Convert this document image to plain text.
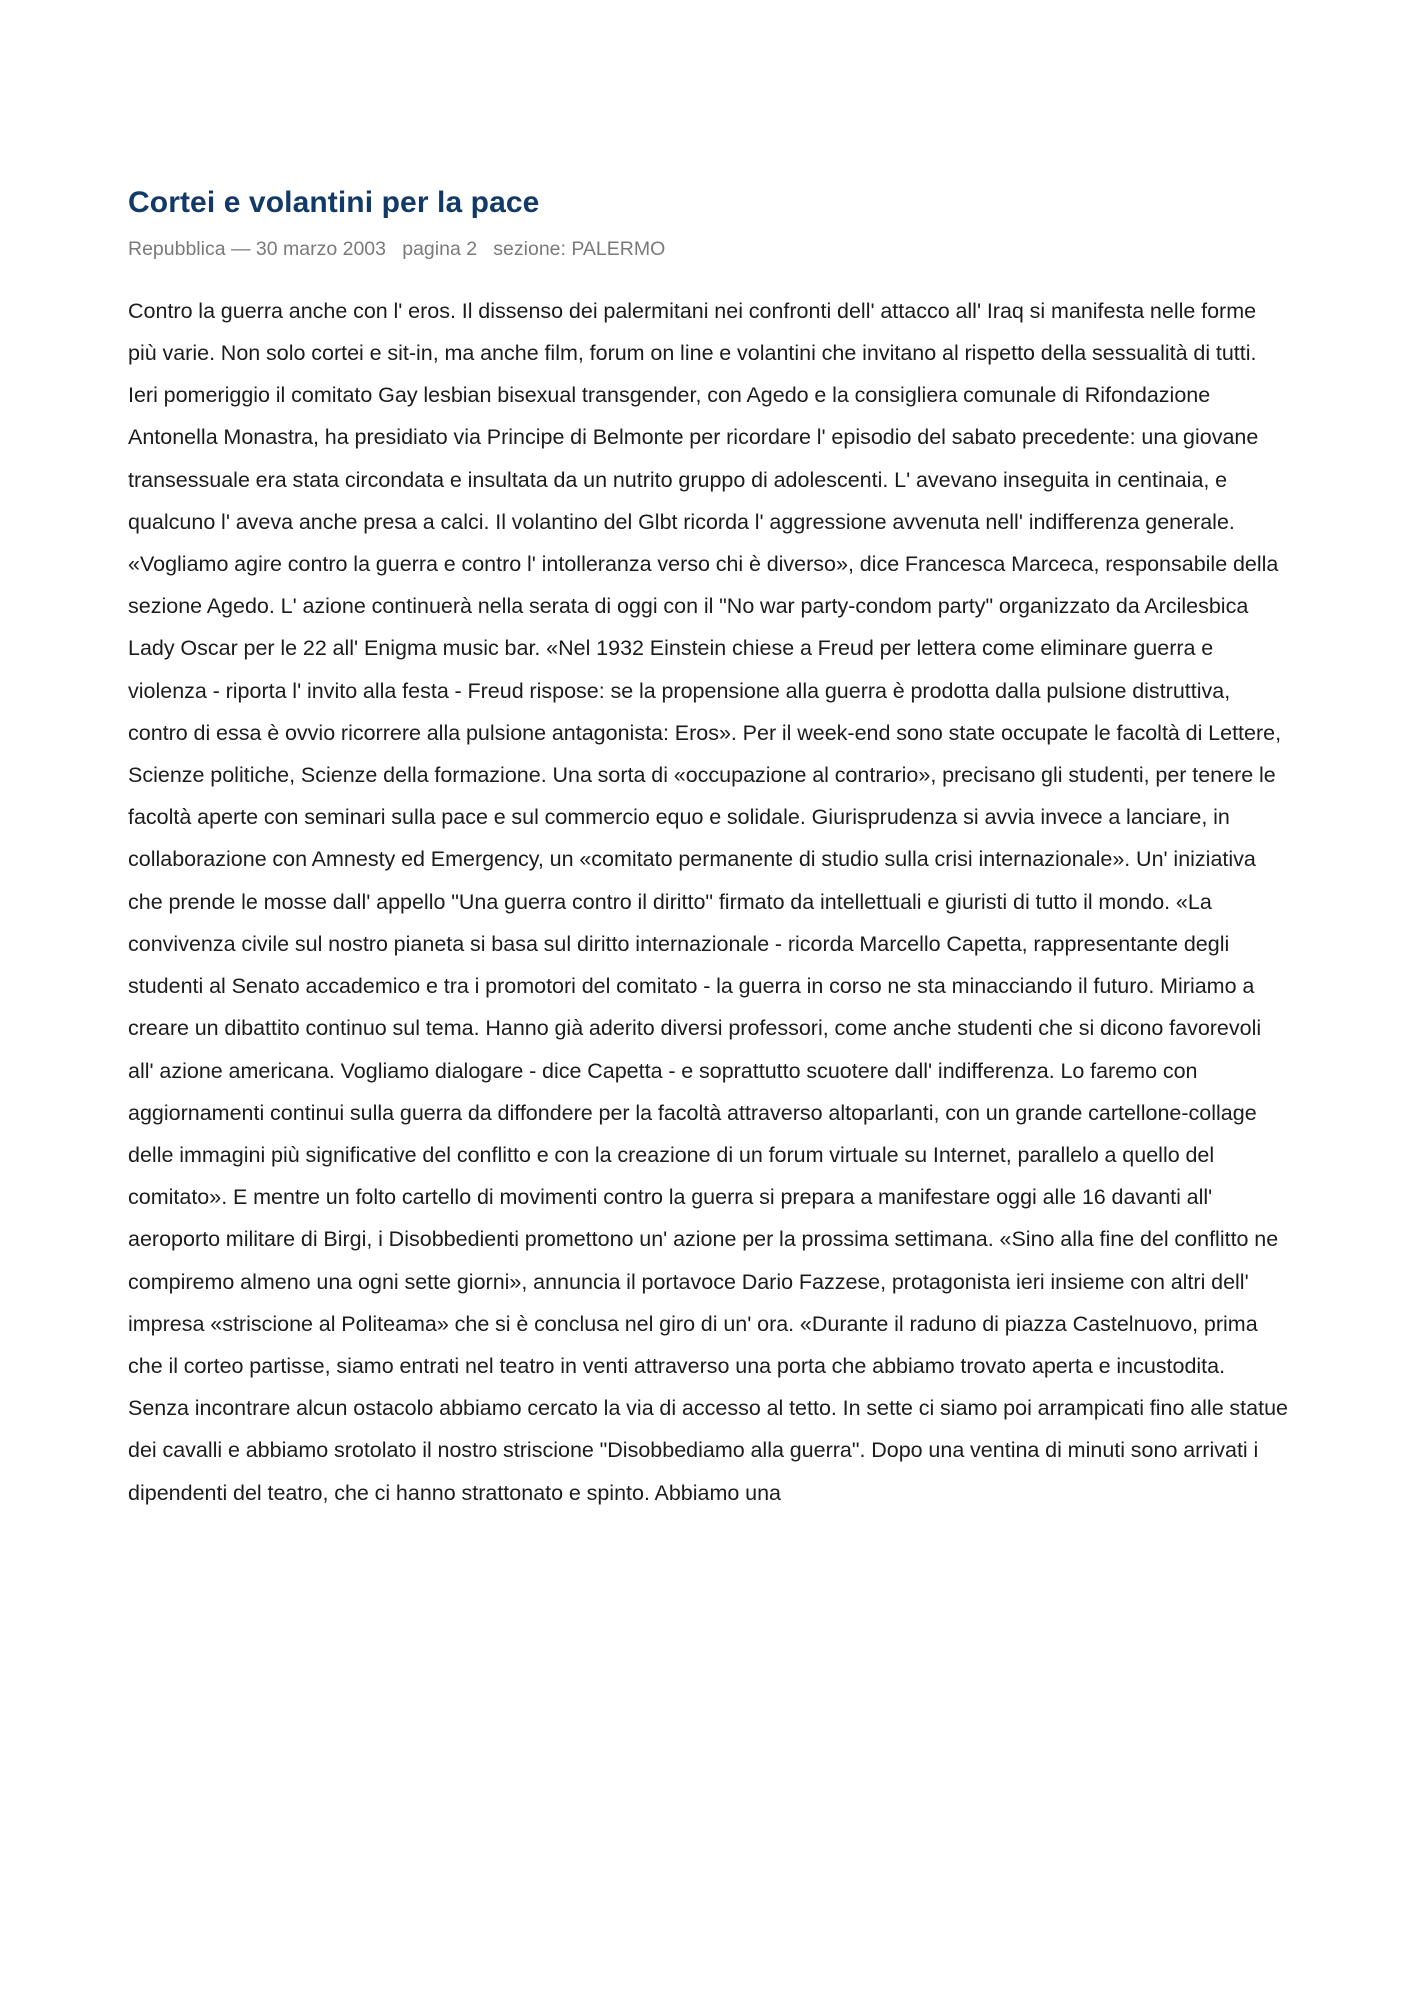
Cortei e volantini per la pace
Repubblica — 30 marzo 2003   pagina 2   sezione: PALERMO

Contro la guerra anche con l' eros. Il dissenso dei palermitani nei confronti dell' attacco all' Iraq si manifesta nelle forme più varie. Non solo cortei e sit-in, ma anche film, forum on line e volantini che invitano al rispetto della sessualità di tutti. Ieri pomeriggio il comitato Gay lesbian bisexual transgender, con Agedo e la consigliera comunale di Rifondazione Antonella Monastra, ha presidiato via Principe di Belmonte per ricordare l' episodio del sabato precedente: una giovane transessuale era stata circondata e insultata da un nutrito gruppo di adolescenti. L' avevano inseguita in centinaia, e qualcuno l' aveva anche presa a calci. Il volantino del Glbt ricorda l' aggressione avvenuta nell' indifferenza generale. «Vogliamo agire contro la guerra e contro l' intolleranza verso chi è diverso», dice Francesca Marceca, responsabile della sezione Agedo. L' azione continuerà nella serata di oggi con il "No war party-condom party" organizzato da Arcilesbica Lady Oscar per le 22 all' Enigma music bar. «Nel 1932 Einstein chiese a Freud per lettera come eliminare guerra e violenza - riporta l' invito alla festa - Freud rispose: se la propensione alla guerra è prodotta dalla pulsione distruttiva, contro di essa è ovvio ricorrere alla pulsione antagonista: Eros». Per il week-end sono state occupate le facoltà di Lettere, Scienze politiche, Scienze della formazione. Una sorta di «occupazione al contrario», precisano gli studenti, per tenere le facoltà aperte con seminari sulla pace e sul commercio equo e solidale. Giurisprudenza si avvia invece a lanciare, in collaborazione con Amnesty ed Emergency, un «comitato permanente di studio sulla crisi internazionale». Un' iniziativa che prende le mosse dall' appello "Una guerra contro il diritto" firmato da intellettuali e giuristi di tutto il mondo. «La convivenza civile sul nostro pianeta si basa sul diritto internazionale - ricorda Marcello Capetta, rappresentante degli studenti al Senato accademico e tra i promotori del comitato - la guerra in corso ne sta minacciando il futuro. Miriamo a creare un dibattito continuo sul tema. Hanno già aderito diversi professori, come anche studenti che si dicono favorevoli all' azione americana. Vogliamo dialogare - dice Capetta - e soprattutto scuotere dall' indifferenza. Lo faremo con aggiornamenti continui sulla guerra da diffondere per la facoltà attraverso altoparlanti, con un grande cartellone-collage delle immagini più significative del conflitto e con la creazione di un forum virtuale su Internet, parallelo a quello del comitato». E mentre un folto cartello di movimenti contro la guerra si prepara a manifestare oggi alle 16 davanti all' aeroporto militare di Birgi, i Disobbedienti promettono un' azione per la prossima settimana. «Sino alla fine del conflitto ne compiremo almeno una ogni sette giorni», annuncia il portavoce Dario Fazzese, protagonista ieri insieme con altri dell' impresa «striscione al Politeama» che si è conclusa nel giro di un' ora. «Durante il raduno di piazza Castelnuovo, prima che il corteo partisse, siamo entrati nel teatro in venti attraverso una porta che abbiamo trovato aperta e incustodita. Senza incontrare alcun ostacolo abbiamo cercato la via di accesso al tetto. In sette ci siamo poi arrampicati fino alle statue dei cavalli e abbiamo srotolato il nostro striscione "Disobbediamo alla guerra". Dopo una ventina di minuti sono arrivati i dipendenti del teatro, che ci hanno strattonato e spinto. Abbiamo una
